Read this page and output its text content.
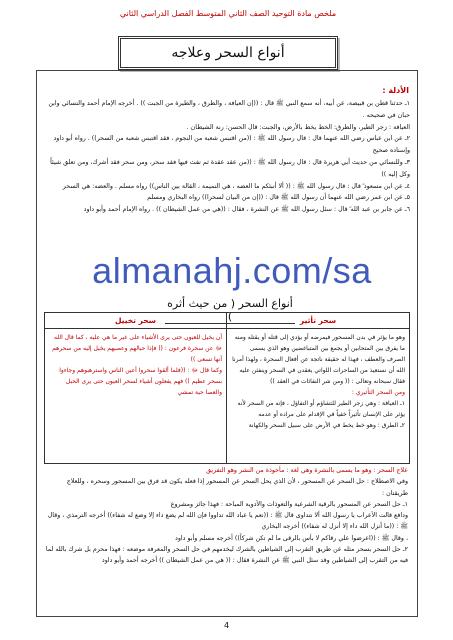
ملخص مادة التوحيد الصف الثاني المتوسط الفصل الدراسي الثاني
أنواع السحر وعلاجه
الأدلة :

١ـ حدثنا قطن بن قبيصة، عن أبيه، أنه سمع النبي ﷺ قال : ((إن العيافة ، والطرق ، والطيرة من الجبت )) . أخرجه الإمام أحمد والنسائي وابن حبان في صحيحه .

العيافة : زجر الطير، والطرق: الخط يخط بالأرض، والجبت: قال الحسن: رنة الشيطان .

٢ـ عن ابن عباس رضي الله عنهما قال : قال رسول الله ﷺ : ((من اقتبس شعبة من النجوم ، فقد اقتبس شعبة من السحر)) . رواه أبو داود وإسناده صحيح

٣ـ وللنسائي من حديث أبي هريرة قال : قال رسول الله ﷺ : ((من عقد عقدة ثم نفث فيها فقد سحر، ومن سحر فقد أشرك، ومن تعلق شيئاً وكل إليه ))

٤ـ عن ابن مسعود ؓ قال : قال رسول الله ﷺ : (( ألا أنبئكم ما العضه ، هي النميمة ، القالة بين الناس)) رواه مسلم . والعضه: هي السحر

٥ـ عن ابن عمر رضي الله عنهما أن رسول الله ﷺ قال : ((إن من البيان لسحرا)) رواه البخاري ومسلم

٦ـ عن جابر بن عبد الله ؓ قال : سئل رسول الله ﷺ عن النشرة ، فقال : ((هي من عمل الشيطان )) . رواه الإمام أحمد وأبو داود

almanahj.com/sa
أنواع السحر ( من حيث أثره )	سحر تأثير

وهو ما يؤثر في بدن المسحور فيمرضه أو يؤدي إلى قتله أو يقتله ومنه ما يفرق بين المتحابين أو يجمع بين المتباغضين وهو الذي يسمى الصرف والعطف ، فهذا له حقيقة ناتجة عن أفعال السحرة ، ولهذا أمرنا الله أن نستعيذ من الساحرات اللواتي يعقدن في السحر وينفثن عليه فقال سبحانه وتعالى : (( ومن شر النفاثات في العقد ))

ومن السحر التأثيري :

١ـ العيافة : وهي زجر الطير للتشاؤم أو التفاؤل ، فإنه من السحر لأنه يؤثر على الإنسان تأثيراً خفياً في الإقدام على مراده أو عدمه

٢ـ الطرق : وهو خط يخط في الأرض على سبيل السحر والكهانة

سحر تخييل

أن يخيل للعيون حتى يرى الأشياء على غير ما هي عليه ، كما قال الله ﷻ عن سحرة فرعون : (( فإذا حبالهم وعصيهم يخيل إليه من سحرهم أنها تسعى ))

وكما قال ﷻ : ((فلما ألقوا سحروا أعين الناس واسترهبوهم وجاءوا بسحر عظيم )) فهم يفعلون أشياء لسحر العيون حتى يرى الحبل والعصا حية تمشي

علاج السحر : وهو ما يسمى بالنشرة وهي لغة : مأخوذة من النشر وهو التفريق

وفي الاصطلاح : حل السحر عن المسحور ، لأن الذي يحل السحر عن المسحور إذا فعله يكون قد فرق بين المسحور وسحره ، وللعلاج طريقتان :

١ـ حل السحر عن المسحور بالرقية الشرعية والتعوذات والأدوية المباحة : فهذا جائز ومشروع

ودافع قالت الأعراب يا رسول الله ألا نتداوى قال ﷺ : ((نعم يا عباد الله تداووا فإن الله لم يضع داء إلا وضع له شفاء)) أخرجه الترمذي ، وقال ﷺ : ((ما أنزل الله داء إلا أنزل له شفاء)) أخرجه البخاري

، وقال ﷺ : ((اعرضوا علي رقاكم لا بأس بالرقى ما لم تكن شركاً)) أخرجه مسلم وأبو داود

٢ـ حل السحر بسحر مثله عن طريق التقرب إلى الشياطين بالشرك ليخدمهم في حل السحر والمعرفة موضعه : فهذا محرم بل شرك بالله لما فيه من التقرب إلى الشياطين وقد سئل النبي ﷺ عن النشرة فقال : (( هي من عمل الشيطان )) أخرجه أحمد وأبو داود

4
